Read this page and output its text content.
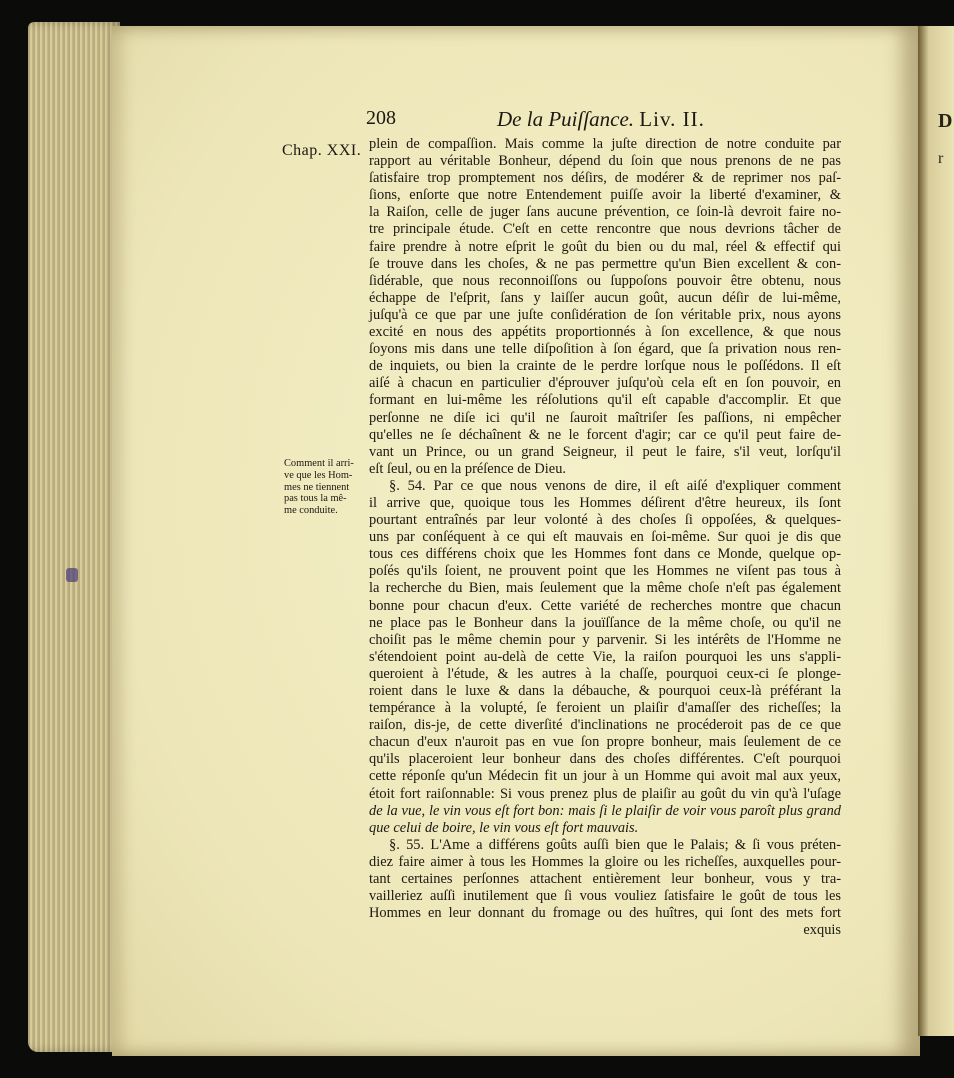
D
r
208	De la Puiſſance. Liv. II.
Chap. XXI.
Comment il arri-
ve que les Hom-
mes ne tiennent
pas tous la mê-
me conduite.
plein de compaſſion. Mais comme la juſte direction de notre conduite par
rapport au véritable Bonheur, dépend du ſoin que nous prenons de ne pas
ſatisfaire trop promptement nos déſirs, de modérer & de reprimer nos paſ-
ſions, enſorte que notre Entendement puiſſe avoir la liberté d'examiner, &
la Raiſon, celle de juger ſans aucune prévention, ce ſoin-là devroit faire no-
tre principale étude. C'eſt en cette rencontre que nous devrions tâcher de
faire prendre à notre eſprit le goût du bien ou du mal, réel & effectif qui
ſe trouve dans les choſes, & ne pas permettre qu'un Bien excellent & con-
ſidérable, que nous reconnoiſſons ou ſuppoſons pouvoir être obtenu, nous
échappe de l'eſprit, ſans y laiſſer aucun goût, aucun déſir de lui-même,
juſqu'à ce que par une juſte conſidération de ſon véritable prix, nous ayons
excité en nous des appétits proportionnés à ſon excellence, & que nous
ſoyons mis dans une telle diſpoſition à ſon égard, que ſa privation nous ren-
de inquiets, ou bien la crainte de le perdre lorſque nous le poſſédons. Il eſt
aiſé à chacun en particulier d'éprouver juſqu'où cela eſt en ſon pouvoir, en
formant en lui-même les réſolutions qu'il eſt capable d'accomplir. Et que
perſonne ne diſe ici qu'il ne ſauroit maîtriſer ſes paſſions, ni empêcher
qu'elles ne ſe déchaînent & ne le forcent d'agir; car ce qu'il peut faire de-
vant un Prince, ou un grand Seigneur, il peut le faire, s'il veut, lorſqu'il
eſt ſeul, ou en la préſence de Dieu.
§. 54. Par ce que nous venons de dire, il eſt aiſé d'expliquer comment
il arrive que, quoique tous les Hommes déſirent d'être heureux, ils ſont
pourtant entraînés par leur volonté à des choſes ſi oppoſées, & quelques-
uns par conſéquent à ce qui eſt mauvais en ſoi-même. Sur quoi je dis que
tous ces différens choix que les Hommes font dans ce Monde, quelque op-
poſés qu'ils ſoient, ne prouvent point que les Hommes ne viſent pas tous à
la recherche du Bien, mais ſeulement que la même choſe n'eſt pas également
bonne pour chacun d'eux. Cette variété de recherches montre que chacun
ne place pas le Bonheur dans la jouïſſance de la même choſe, ou qu'il ne
choiſit pas le même chemin pour y parvenir. Si les intérêts de l'Homme ne
s'étendoient point au-delà de cette Vie, la raiſon pourquoi les uns s'appli-
queroient à l'étude, & les autres à la chaſſe, pourquoi ceux-ci ſe plonge-
roient dans le luxe & dans la débauche, & pourquoi ceux-là préférant la
tempérance à la volupté, ſe feroient un plaiſir d'amaſſer des richeſſes; la
raiſon, dis-je, de cette diverſité d'inclinations ne procéderoit pas de ce que
chacun d'eux n'auroit pas en vue ſon propre bonheur, mais ſeulement de ce
qu'ils placeroient leur bonheur dans des choſes différentes. C'eſt pourquoi
cette réponſe qu'un Médecin fit un jour à un Homme qui avoit mal aux yeux,
étoit fort raiſonnable: Si vous prenez plus de plaiſir au goût du vin qu'à l'uſage
de la vue, le vin vous eſt fort bon: mais ſi le plaiſir de voir vous paroît plus grand
que celui de boire, le vin vous eſt fort mauvais.
§. 55. L'Ame a différens goûts auſſi bien que le Palais; & ſi vous préten-
diez faire aimer à tous les Hommes la gloire ou les richeſſes, auxquelles pour-
tant certaines perſonnes attachent entièrement leur bonheur, vous y tra-
vailleriez auſſi inutilement que ſi vous vouliez ſatisfaire le goût de tous les
Hommes en leur donnant du fromage ou des huîtres, qui ſont des mets fort
exquis
